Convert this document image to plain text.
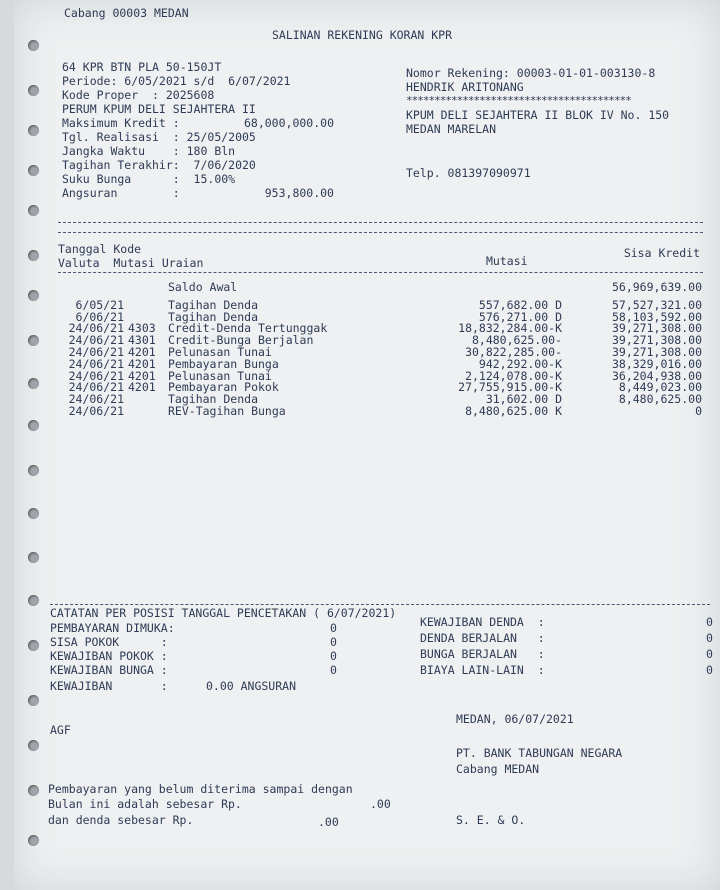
Cabang 00003 MEDAN
SALINAN REKENING KORAN KPR
64 KPR BTN PLA 50-150JT
Periode: 6/05/2021 s/d  6/07/2021
Kode Proper  : 2025608
PERUM KPUM DELI SEJAHTERA II
Maksimum Kredit :	68,000,000.00
Tgl. Realisasi  : 25/05/2005
Jangka Waktu    : 180 Bln
Tagihan Terakhir:  7/06/2020
Suku Bunga      :  15.00%
Angsuran        :	953,800.00
Nomor Rekening: 00003-01-01-003130-8
HENDRIK ARITONANG
****************************************
KPUM DELI SEJAHTERA II BLOK IV No. 150
MEDAN MARELAN
Telp. 081397090971
Tanggal Kode
Valuta  Mutasi Uraian	Mutasi
Sisa Kredit
Saldo Awal	56,969,639.00
6/05/21	Tagihan Denda	557,682.00 D	57,527,321.00
6/06/21	Tagihan Denda	576,271.00 D	58,103,592.00
24/06/21 4303 Credit-Denda Tertunggak	18,832,284.00-K	39,271,308.00
24/06/21 4301 Credit-Bunga Berjalan	8,480,625.00-	39,271,308.00
24/06/21 4201 Pelunasan Tunai	30,822,285.00-	39,271,308.00
24/06/21 4201 Pembayaran Bunga	942,292.00-K	38,329,016.00
24/06/21 4201 Pelunasan Tunai	2,124,078.00-K	36,204,938.00
24/06/21 4201 Pembayaran Pokok	27,755,915.00-K	8,449,023.00
24/06/21	Tagihan Denda	31,602.00 D	8,480,625.00
24/06/21	REV-Tagihan Bunga	8,480,625.00 K	0
CATATAN PER POSISI TANGGAL PENCETAKAN ( 6/07/2021)
PEMBAYARAN DIMUKA:	0
SISA POKOK      :	0
KEWAJIBAN POKOK :	0
KEWAJIBAN BUNGA :	0
KEWAJIBAN       :	0.00 ANGSURAN
KEWAJIBAN DENDA  :	0
DENDA BERJALAN   :	0
BUNGA BERJALAN   :	0
BIAYA LAIN-LAIN  :	0
AGF
MEDAN, 06/07/2021
PT. BANK TABUNGAN NEGARA
Cabang MEDAN
Pembayaran yang belum diterima sampai dengan
Bulan ini adalah sebesar Rp.	.00
dan denda sebesar Rp.	.00	S. E. & O.
